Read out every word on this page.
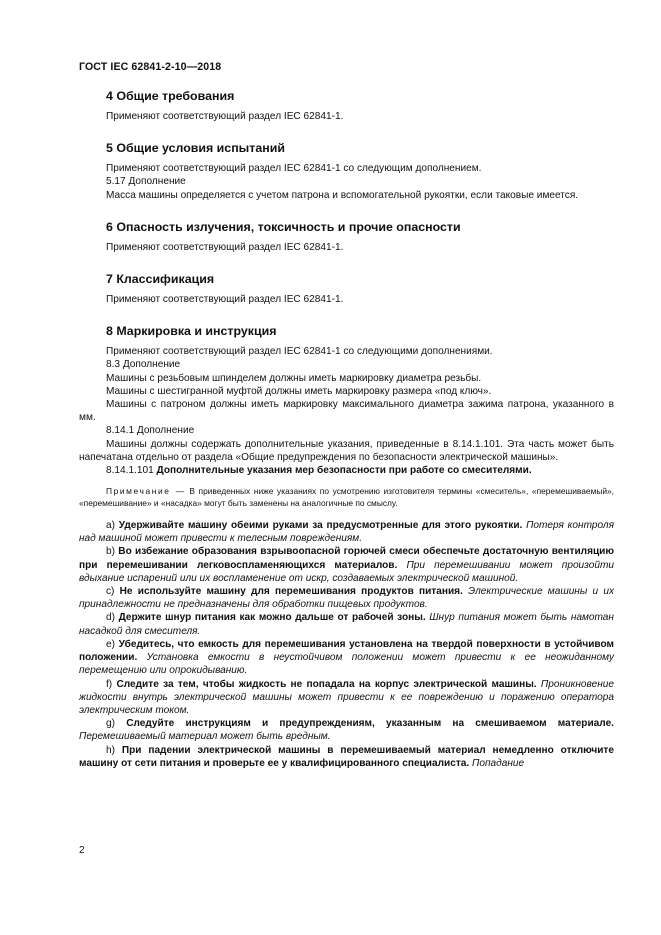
ГОСТ IEC 62841-2-10—2018
4 Общие требования

Применяют соответствующий раздел IEC 62841-1.

5 Общие условия испытаний

Применяют соответствующий раздел IEC 62841-1 со следующим дополнением.

5.17 Дополнение

Масса машины определяется с учетом патрона и вспомогательной рукоятки, если таковые имеется.

6 Опасность излучения, токсичность и прочие опасности

Применяют соответствующий раздел IEC 62841-1.

7 Классификация

Применяют соответствующий раздел IEC 62841-1.

8 Маркировка и инструкция

Применяют соответствующий раздел IEC 62841-1 со следующими дополнениями.

8.3 Дополнение

Машины с резьбовым шпинделем должны иметь маркировку диаметра резьбы.

Машины с шестигранной муфтой должны иметь маркировку размера «под ключ».

Машины с патроном должны иметь маркировку максимального диаметра зажима патрона, указанного в мм.

8.14.1 Дополнение

Машины должны содержать дополнительные указания, приведенные в 8.14.1.101. Эта часть может быть напечатана отдельно от раздела «Общие предупреждения по безопасности электрической машины».

8.14.1.101 Дополнительные указания мер безопасности при работе со смесителями.

Примечание — В приведенных ниже указаниях по усмотрению изготовителя термины «смеситель», «перемешиваемый», «перемешивание» и «насадка» могут быть заменены на аналогичные по смыслу.

a) Удерживайте машину обеими руками за предусмотренные для этого рукоятки. Потеря контроля над машиной может привести к телесным повреждениям.

b) Во избежание образования взрывоопасной горючей смеси обеспечьте достаточную вентиляцию при перемешивании легковоспламеняющихся материалов. При перемешивании может произойти вдыхание испарений или их воспламенение от искр, создаваемых электрической машиной.

c) Не используйте машину для перемешивания продуктов питания. Электрические машины и их принадлежности не предназначены для обработки пищевых продуктов.

d) Держите шнур питания как можно дальше от рабочей зоны. Шнур питания может быть намотан насадкой для смесителя.

e) Убедитесь, что емкость для перемешивания установлена на твердой поверхности в устойчивом положении. Установка емкости в неустойчивом положении может привести к ее неожиданному перемещению или опрокидыванию.

f) Следите за тем, чтобы жидкость не попадала на корпус электрической машины. Проникновение жидкости внутрь электрической машины может привести к ее повреждению и поражению оператора электрическим током.

g) Следуйте инструкциям и предупреждениям, указанным на смешиваемом материале. Перемешиваемый материал может быть вредным.

h) При падении электрической машины в перемешиваемый материал немедленно отключите машину от сети питания и проверьте ее у квалифицированного специалиста. Попадание

2
